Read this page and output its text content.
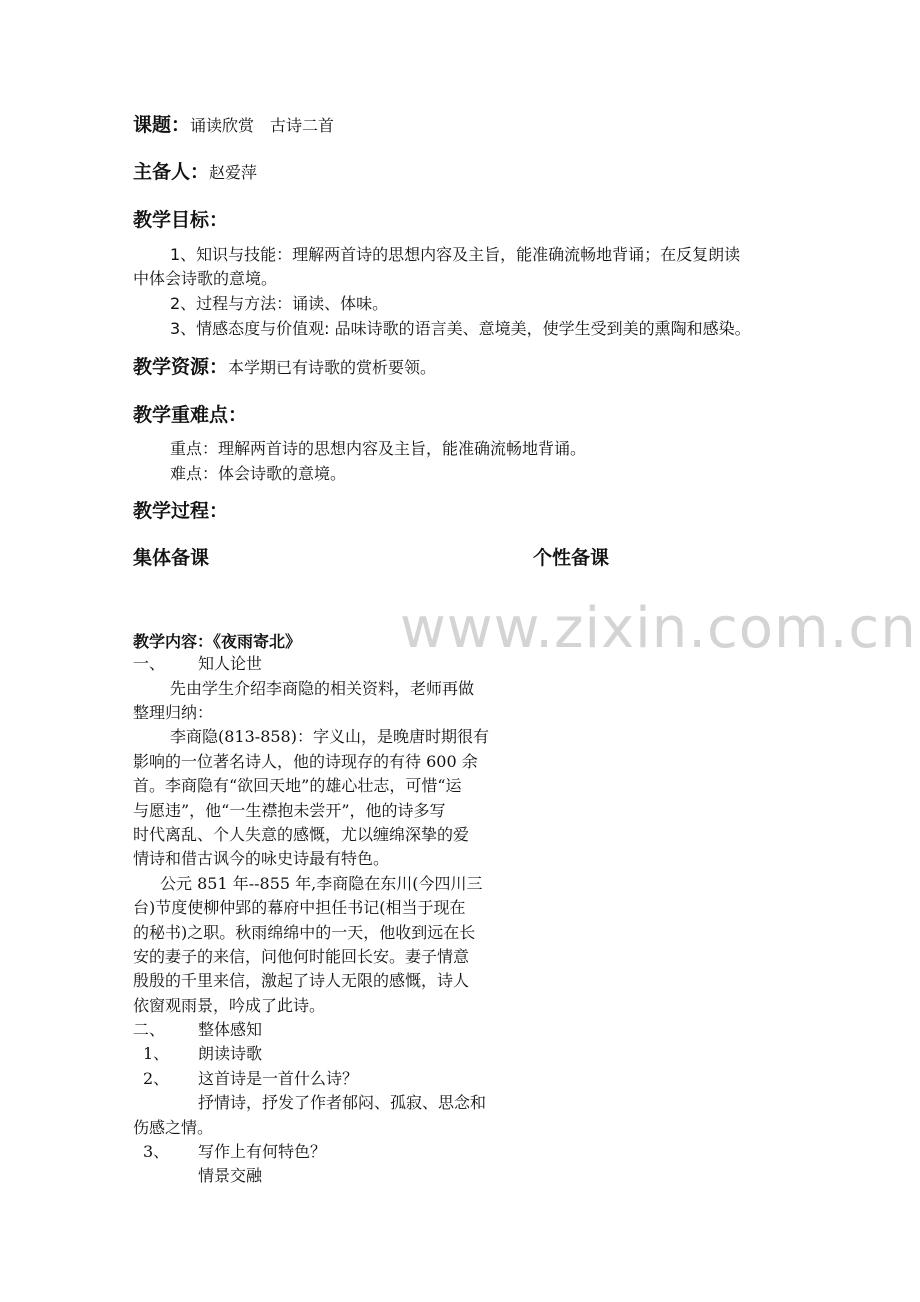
www.zixin.com.cn
课题：诵读欣赏　古诗二首
主备人：赵爱萍
教学目标：
1、知识与技能：理解两首诗的思想内容及主旨，能准确流畅地背诵；在反复朗读
中体会诗歌的意境。
2、过程与方法：诵读、体味。
3、情感态度与价值观: 品味诗歌的语言美、意境美，使学生受到美的熏陶和感染。
教学资源：本学期已有诗歌的赏析要领。
教学重难点：
重点：理解两首诗的思想内容及主旨，能准确流畅地背诵。
难点：体会诗歌的意境。
教学过程：
集体备课	个性备课
教学内容：《夜雨寄北》
一、 知人论世
先由学生介绍李商隐的相关资料，老师再做
整理归纳：
李商隐(813-858)：字义山，是晚唐时期很有
影响的一位著名诗人，他的诗现存的有待 600 余
首。李商隐有“欲回天地”的雄心壮志，可惜“运
与愿违”，他“一生襟抱未尝开”，他的诗多写
时代离乱、个人失意的感慨，尤以缠绵深挚的爱
情诗和借古讽今的咏史诗最有特色。
公元 851 年--855 年,李商隐在东川(今四川三
台)节度使柳仲郢的幕府中担任书记(相当于现在
的秘书)之职。秋雨绵绵中的一天，他收到远在长
安的妻子的来信，问他何时能回长安。妻子情意
殷殷的千里来信，激起了诗人无限的感慨，诗人
依窗观雨景，吟成了此诗。
二、 整体感知
1、 朗读诗歌
2、 这首诗是一首什么诗？
抒情诗，抒发了作者郁闷、孤寂、思念和
伤感之情。
3、 写作上有何特色？
情景交融
